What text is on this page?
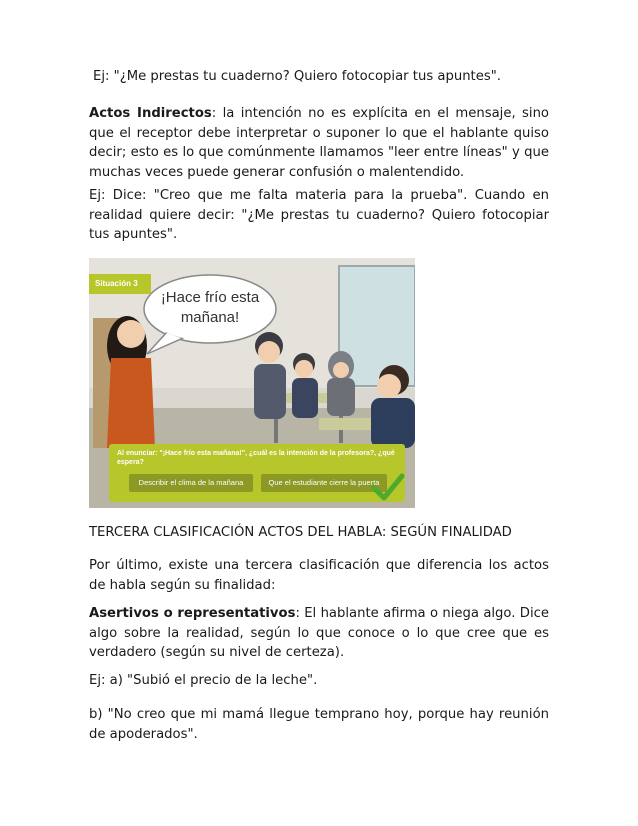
Ej: "¿Me prestas tu cuaderno? Quiero fotocopiar tus apuntes".

Actos Indirectos: la intención no es explícita en el mensaje, sino que el receptor debe interpretar o suponer lo que el hablante quiso decir; esto es lo que comúnmente llamamos "leer entre líneas" y que muchas veces puede generar confusión o malentendido.

Ej: Dice: "Creo que me falta materia para la prueba". Cuando en realidad quiere decir: "¿Me prestas tu cuaderno? Quiero fotocopiar tus apuntes".

Situación 3
¡Hace frío esta mañana!
Al enunciar: "¡Hace frío esta mañana!", ¿cuál es la intención de la profesora?, ¿qué espera?
Describir el clima de la mañana	Que el estudiante cierre la puerta

TERCERA CLASIFICACIÓN ACTOS DEL HABLA: SEGÚN FINALIDAD

Por último, existe una tercera clasificación que diferencia los actos de habla según su finalidad:

Asertivos o representativos: El hablante afirma o niega algo. Dice algo sobre la realidad, según lo que conoce o lo que cree que es verdadero (según su nivel de certeza).

Ej: a) "Subió el precio de la leche".

b) "No creo que mi mamá llegue temprano hoy, porque hay reunión de apoderados".
